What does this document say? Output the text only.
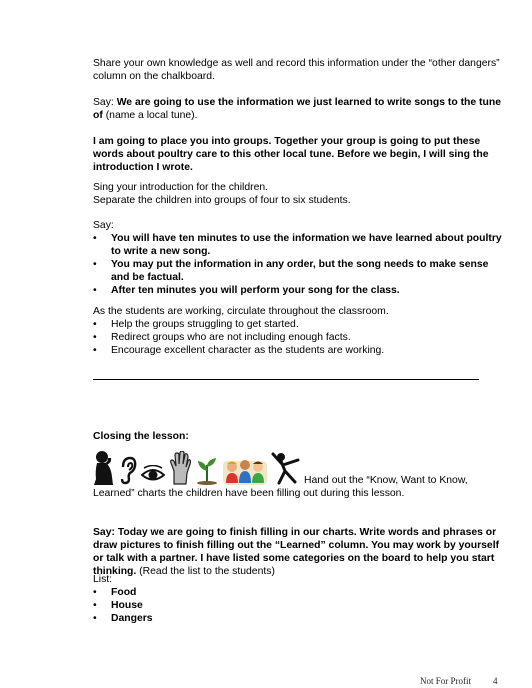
Share your own knowledge as well and record this information under the “other dangers” column on the chalkboard.

Say: We are going to use the information we just learned to write songs to the tune of (name a local tune).

I am going to place you into groups. Together your group is going to put these words about poultry care to this other local tune. Before we begin, I will sing the introduction I wrote.

Sing your introduction for the children.

Separate the children into groups of four to six students.

Say:

• You will have ten minutes to use the information we have learned about poultry to write a new song.
• You may put the information in any order, but the song needs to make sense and be factual.
• After ten minutes you will perform your song for the class.

As the students are working, circulate throughout the classroom.

• Help the groups struggling to get started.
• Redirect groups who are not including enough facts.
• Encourage excellent character as the students are working.

Closing the lesson:

Hand out the “Know, Want to Know,

Learned” charts the children have been filling out during this lesson.

Say: Today we are going to finish filling in our charts. Write words and phrases or draw pictures to finish filling out the “Learned” column. You may work by yourself or talk with a partner. I have listed some categories on the board to help you start thinking. (Read the list to the students)

List:

• Food
• House
• Dangers
Not For Profit 4
